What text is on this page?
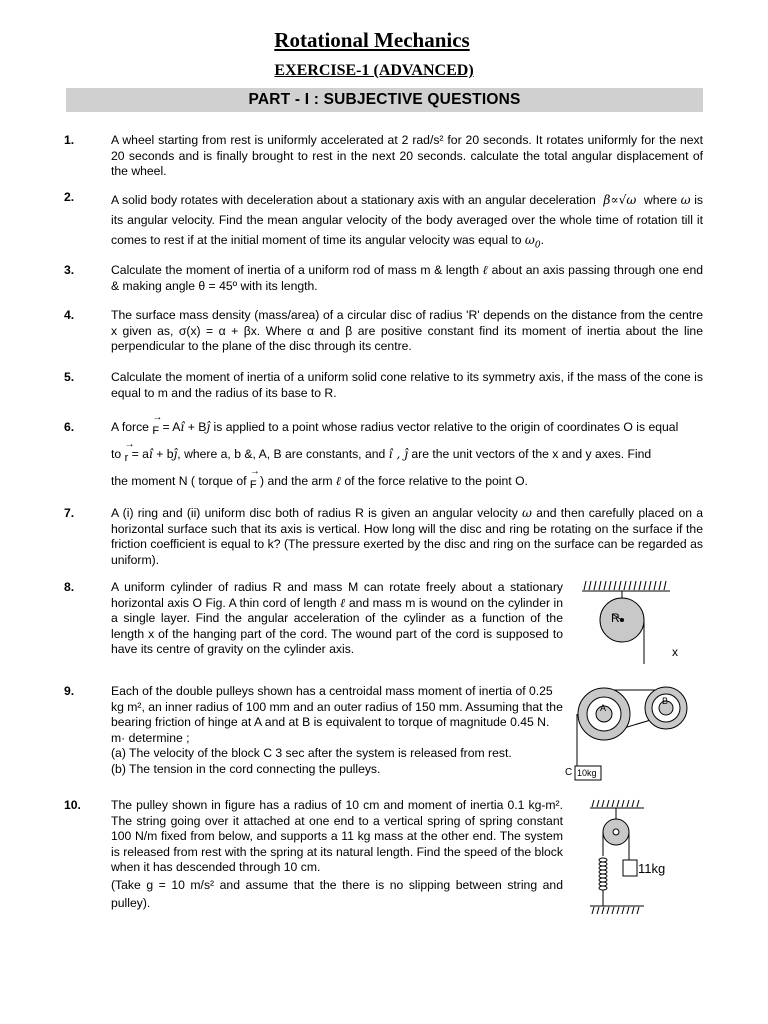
Rotational Mechanics
EXERCISE-1 (ADVANCED)
PART - I : SUBJECTIVE QUESTIONS
1.	A wheel starting from rest is uniformly accelerated at 2 rad/s² for 20 seconds. It rotates uniformly for the next 20 seconds and is finally brought to rest in the next 20 seconds. calculate the total angular displacement of the wheel.
2.	A solid body rotates with deceleration about a stationary axis with an angular deceleration β∝√ω where ω is its angular velocity. Find the mean angular velocity of the body averaged over the whole time of rotation till it comes to rest if at the initial moment of time its angular velocity was equal to $\omega_0$.
3.	Calculate the moment of inertia of a uniform rod of mass m & length ℓ about an axis passing through one end & making angle θ = 45º with its length.
4.	The surface mass density (mass/area) of a circular disc of radius 'R' depends on the distance from the centre x given as, σ(x) = α + βx. Where α and β are positive constant find its moment of inertia about the line perpendicular to the plane of the disc through its centre.
5.	Calculate the moment of inertia of a uniform solid cone relative to its symmetry axis, if the mass of the cone is equal to m and the radius of its base to R.
6.	A force
→
F = Aî + Bĵ is applied to a point whose radius vector relative to the origin of coordinates O is equal
to
→
r = aî + bĵ, where a, b &, A, B are constants, and î , ĵ are the unit vectors of the x and y axes. Find
the moment N ( torque of
→
F ) and the arm ℓ of the force relative to the point O.
7.	A (i) ring and (ii) uniform disc both of radius R is given an angular velocity ω and then carefully placed on a horizontal surface such that its axis is vertical. How long will the disc and ring be rotating on the surface if the friction coefficient is equal to k? (The pressure exerted by the disc and ring on the surface can be regarded as uniform).
8.	A uniform cylinder of radius R and mass M can rotate freely about a stationary horizontal axis O Fig. A thin cord of length ℓ and mass m is wound on the cylinder in a single layer. Find the angular acceleration of the cylinder as a function of the length x of the hanging part of the cord. The wound part of the cord is supposed to have its centre of gravity on the cylinder axis.
R
x
9.	Each of the double pulleys shown has a centroidal mass moment of inertia of 0.25 kg m², an inner radius of 100 mm and an outer radius of 150 mm. Assuming that the bearing friction of hinge at A and at B is equivalent to torque of magnitude 0.45 N. m· determine ;
(a) The velocity of the block C 3 sec after the system is released from rest.
(b) The tension in the cord connecting the pulleys.
A
B
C 10kg
10. The pulley shown in figure has a radius of 10 cm and moment of inertia 0.1 kg-m². The string going over it attached at one end to a vertical spring of spring constant 100 N/m fixed from below, and supports a 11 kg mass at the other end. The system is released from rest with the spring at its natural length. Find the speed of the block when it has descended through 10 cm.
(Take g = 10 m/s² and assume that the there is no slipping between string and pulley).
11kg
